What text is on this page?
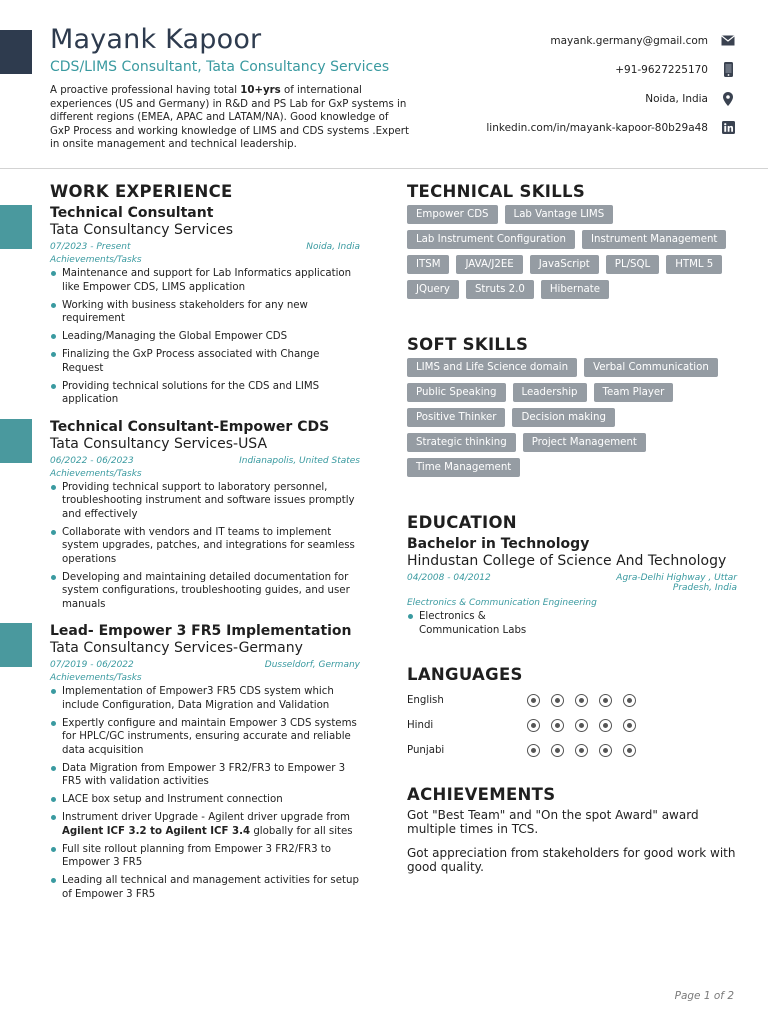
Mayank Kapoor
CDS/LIMS Consultant, Tata Consultancy Services

A proactive professional having total 10+yrs of international experiences (US and Germany) in R&D and PS Lab for GxP systems in different regions (EMEA, APAC and LATAM/NA). Good knowledge of GxP Process and working knowledge of LIMS and CDS systems .Expert in onsite management and technical leadership.

mayank.germany@gmail.com
+91-9627225170
Noida, India
linkedin.com/in/mayank-kapoor-80b29a48
WORK EXPERIENCE
Technical Consultant
Tata Consultancy Services
07/2023 - Present	Noida, India
Achievements/Tasks
Maintenance and support for Lab Informatics application like Empower CDS, LIMS application
Working with business stakeholders for any new requirement
Leading/Managing the Global Empower CDS
Finalizing the GxP Process associated with Change Request
Providing technical solutions for the CDS and LIMS application
Technical Consultant-Empower CDS
Tata Consultancy Services-USA
06/2022 - 06/2023	Indianapolis, United States
Achievements/Tasks
Providing technical support to laboratory personnel, troubleshooting instrument and software issues promptly and effectively
Collaborate with vendors and IT teams to implement system upgrades, patches, and integrations for seamless operations
Developing and maintaining detailed documentation for system configurations, troubleshooting guides, and user manuals
Lead- Empower 3 FR5 Implementation
Tata Consultancy Services-Germany
07/2019 - 06/2022	Dusseldorf, Germany
Achievements/Tasks
Implementation of Empower3 FR5 CDS system which include Configuration, Data Migration and Validation
Expertly configure and maintain Empower 3 CDS systems for HPLC/GC instruments, ensuring accurate and reliable data acquisition
Data Migration from Empower 3 FR2/FR3 to Empower 3 FR5 with validation activities
LACE box setup and Instrument connection
Instrument driver Upgrade - Agilent driver upgrade from Agilent ICF 3.2 to Agilent ICF 3.4 globally for all sites
Full site rollout planning from Empower 3 FR2/FR3 to Empower 3 FR5
Leading all technical and management activities for setup of Empower 3 FR5
TECHNICAL SKILLS
Empower CDS	Lab Vantage LIMS
Lab Instrument Configuration	Instrument Management
ITSM	JAVA/J2EE	JavaScript	PL/SQL	HTML 5
JQuery	Struts 2.0	Hibernate
SOFT SKILLS
LIMS and Life Science domain	Verbal Communication
Public Speaking	Leadership	Team Player
Positive Thinker	Decision making
Strategic thinking	Project Management
Time Management
EDUCATION
Bachelor in Technology
Hindustan College of Science And Technology
04/2008 - 04/2012	Agra-Delhi Highway , Uttar Pradesh, India
Electronics & Communication Engineering
Electronics & Communication Labs
LANGUAGES
English
Hindi
Punjabi
ACHIEVEMENTS

Got "Best Team" and "On the spot Award" award multiple times in TCS.

Got appreciation from stakeholders for good work with good quality.

Page 1 of 2
